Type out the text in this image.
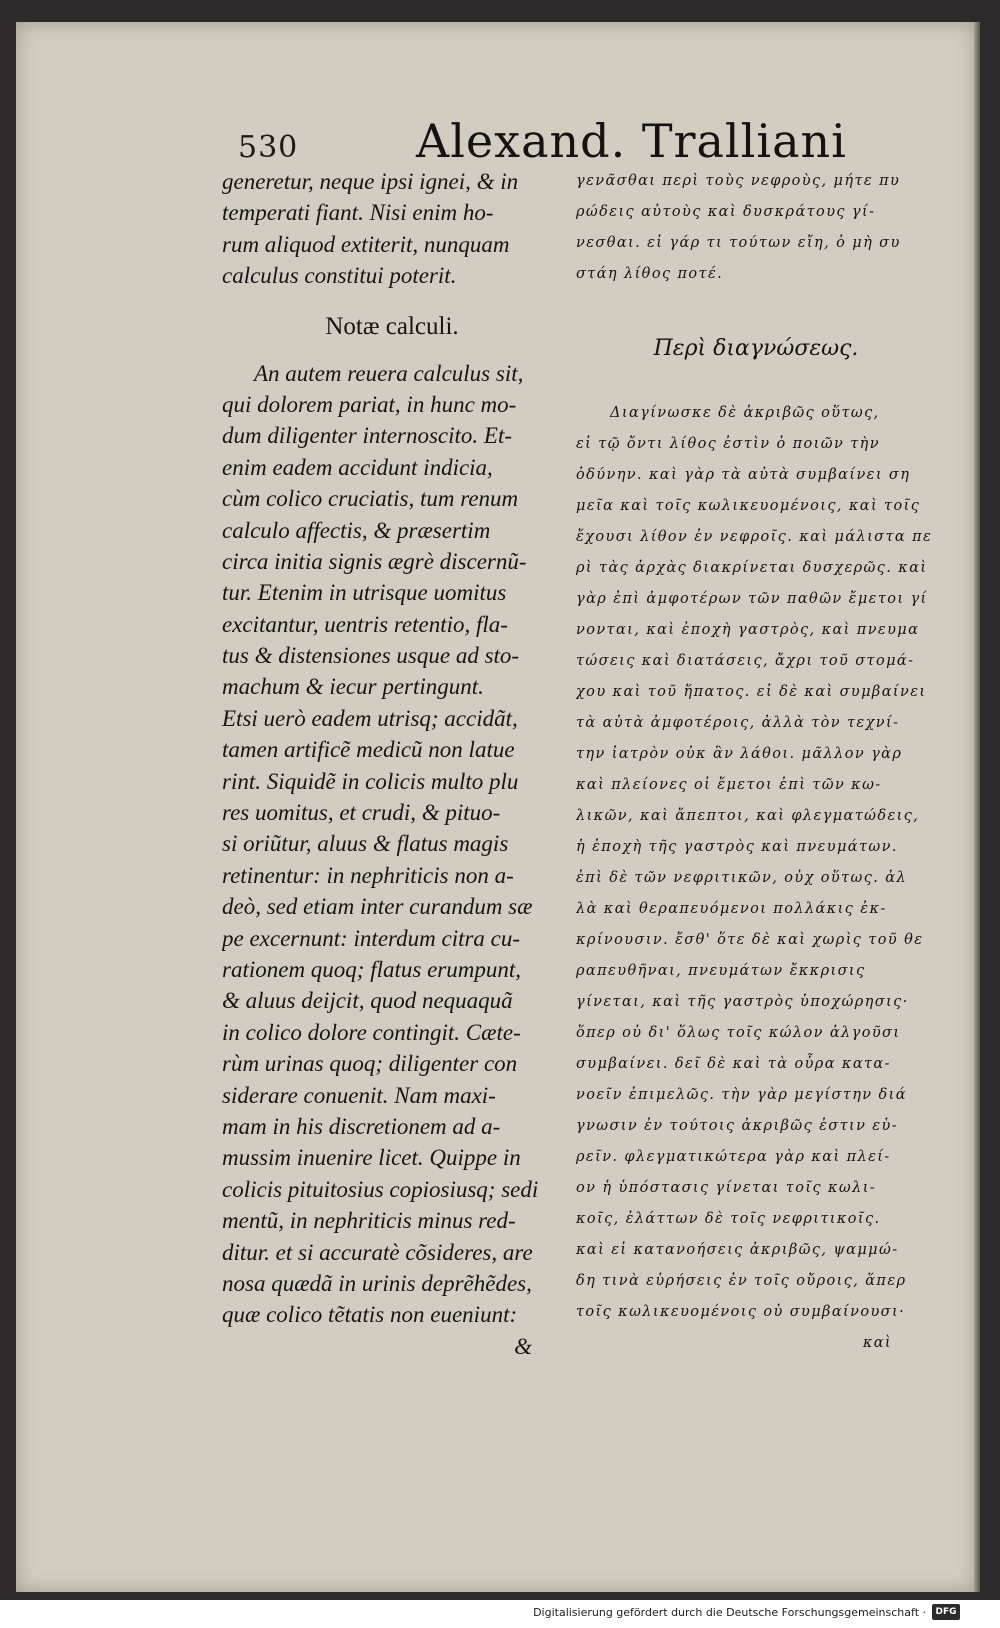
530	Alexand. Tralliani
generetur, neque ipsi ignei, & in
temperati fiant. Nisi enim ho-
rum aliquod extiterit, nunquam
calculus constitui poterit.
Notæ calculi.
An autem reuera calculus sit,
qui dolorem pariat, in hunc mo-
dum diligenter internoscito. Et-
enim eadem accidunt indicia,
cùm colico cruciatis, tum renum
calculo affectis, & præsertim
circa initia signis ægrè discernũ-
tur. Etenim in utrisque uomitus
excitantur, uentris retentio, fla-
tus & distensiones usque ad sto-
machum & iecur pertingunt.
Etsi uerò eadem utrisq; accidãt,
tamen artificẽ medicũ non latue
rint. Siquidẽ in colicis multo plu
res uomitus, et crudi, & pituo-
si oriũtur, aluus & flatus magis
retinentur: in nephriticis non a-
deò, sed etiam inter curandum sæ
pe excernunt: interdum citra cu-
rationem quoq; flatus erumpunt,
& aluus deijcit, quod nequaquã
in colico dolore contingit. Cæte-
rùm urinas quoq; diligenter con
siderare conuenit. Nam maxi-
mam in his discretionem ad a-
mussim inuenire licet. Quippe in
colicis pituitosius copiosiusq; sedi
mentũ, in nephriticis minus red-
ditur. et si accuratè cõsideres, are
nosa quædã in urinis deprẽhẽdes,
quæ colico tẽtatis non eueniunt:
&
γενᾶσθαι περὶ τοὺς νεφροὺς, μήτε πυ
ρώδεις αὐτοὺς καὶ δυσκράτους γί-
νεσθαι. εἰ γάρ τι τούτων εἴη, ὁ μὴ συ
στάη λίθος ποτέ.
Περὶ διαγνώσεως.
Διαγίνωσκε δὲ ἀκριβῶς οὕτως,
εἰ τῷ ὄντι λίθος ἐστὶν ὁ ποιῶν τὴν
ὀδύνην. καὶ γὰρ τὰ αὐτὰ συμβαίνει ση
μεῖα καὶ τοῖς κωλικευομένοις, καὶ τοῖς
ἔχουσι λίθον ἐν νεφροῖς. καὶ μάλιστα πε
ρὶ τὰς ἀρχὰς διακρίνεται δυσχερῶς. καὶ
γὰρ ἐπὶ ἀμφοτέρων τῶν παθῶν ἔμετοι γί
νονται, καὶ ἐποχὴ γαστρὸς, καὶ πνευμα
τώσεις καὶ διατάσεις, ἄχρι τοῦ στομά-
χου καὶ τοῦ ἥπατος. εἰ δὲ καὶ συμβαίνει
τὰ αὐτὰ ἀμφοτέροις, ἀλλὰ τὸν τεχνί-
την ἰατρὸν οὐκ ἂν λάθοι. μᾶλλον γὰρ
καὶ πλείονες οἱ ἔμετοι ἐπὶ τῶν κω-
λικῶν, καὶ ἄπεπτοι, καὶ φλεγματώδεις,
ἡ ἐποχὴ τῆς γαστρὸς καὶ πνευμάτων.
ἐπὶ δὲ τῶν νεφριτικῶν, οὐχ οὕτως. ἀλ
λὰ καὶ θεραπευόμενοι πολλάκις ἐκ-
κρίνουσιν. ἔσθ' ὅτε δὲ καὶ χωρὶς τοῦ θε
ραπευθῆναι, πνευμάτων ἔκκρισις
γίνεται, καὶ τῆς γαστρὸς ὑποχώρησις·
ὅπερ οὐ δι' ὅλως τοῖς κώλον ἀλγοῦσι
συμβαίνει. δεῖ δὲ καὶ τὰ οὖρα κατα-
νοεῖν ἐπιμελῶς. τὴν γὰρ μεγίστην διά
γνωσιν ἐν τούτοις ἀκριβῶς ἐστιν εὑ-
ρεῖν. φλεγματικώτερα γὰρ καὶ πλεί-
ον ἡ ὑπόστασις γίνεται τοῖς κωλι-
κοῖς, ἐλάττων δὲ τοῖς νεφριτικοῖς.
καὶ εἰ κατανοήσεις ἀκριβῶς, ψαμμώ-
δη τινὰ εὑρήσεις ἐν τοῖς οὔροις, ἅπερ
τοῖς κωλικευομένοις οὐ συμβαίνουσι·
καὶ
Digitalisierung gefördert durch die Deutsche Forschungsgemeinschaft ·	DFG
